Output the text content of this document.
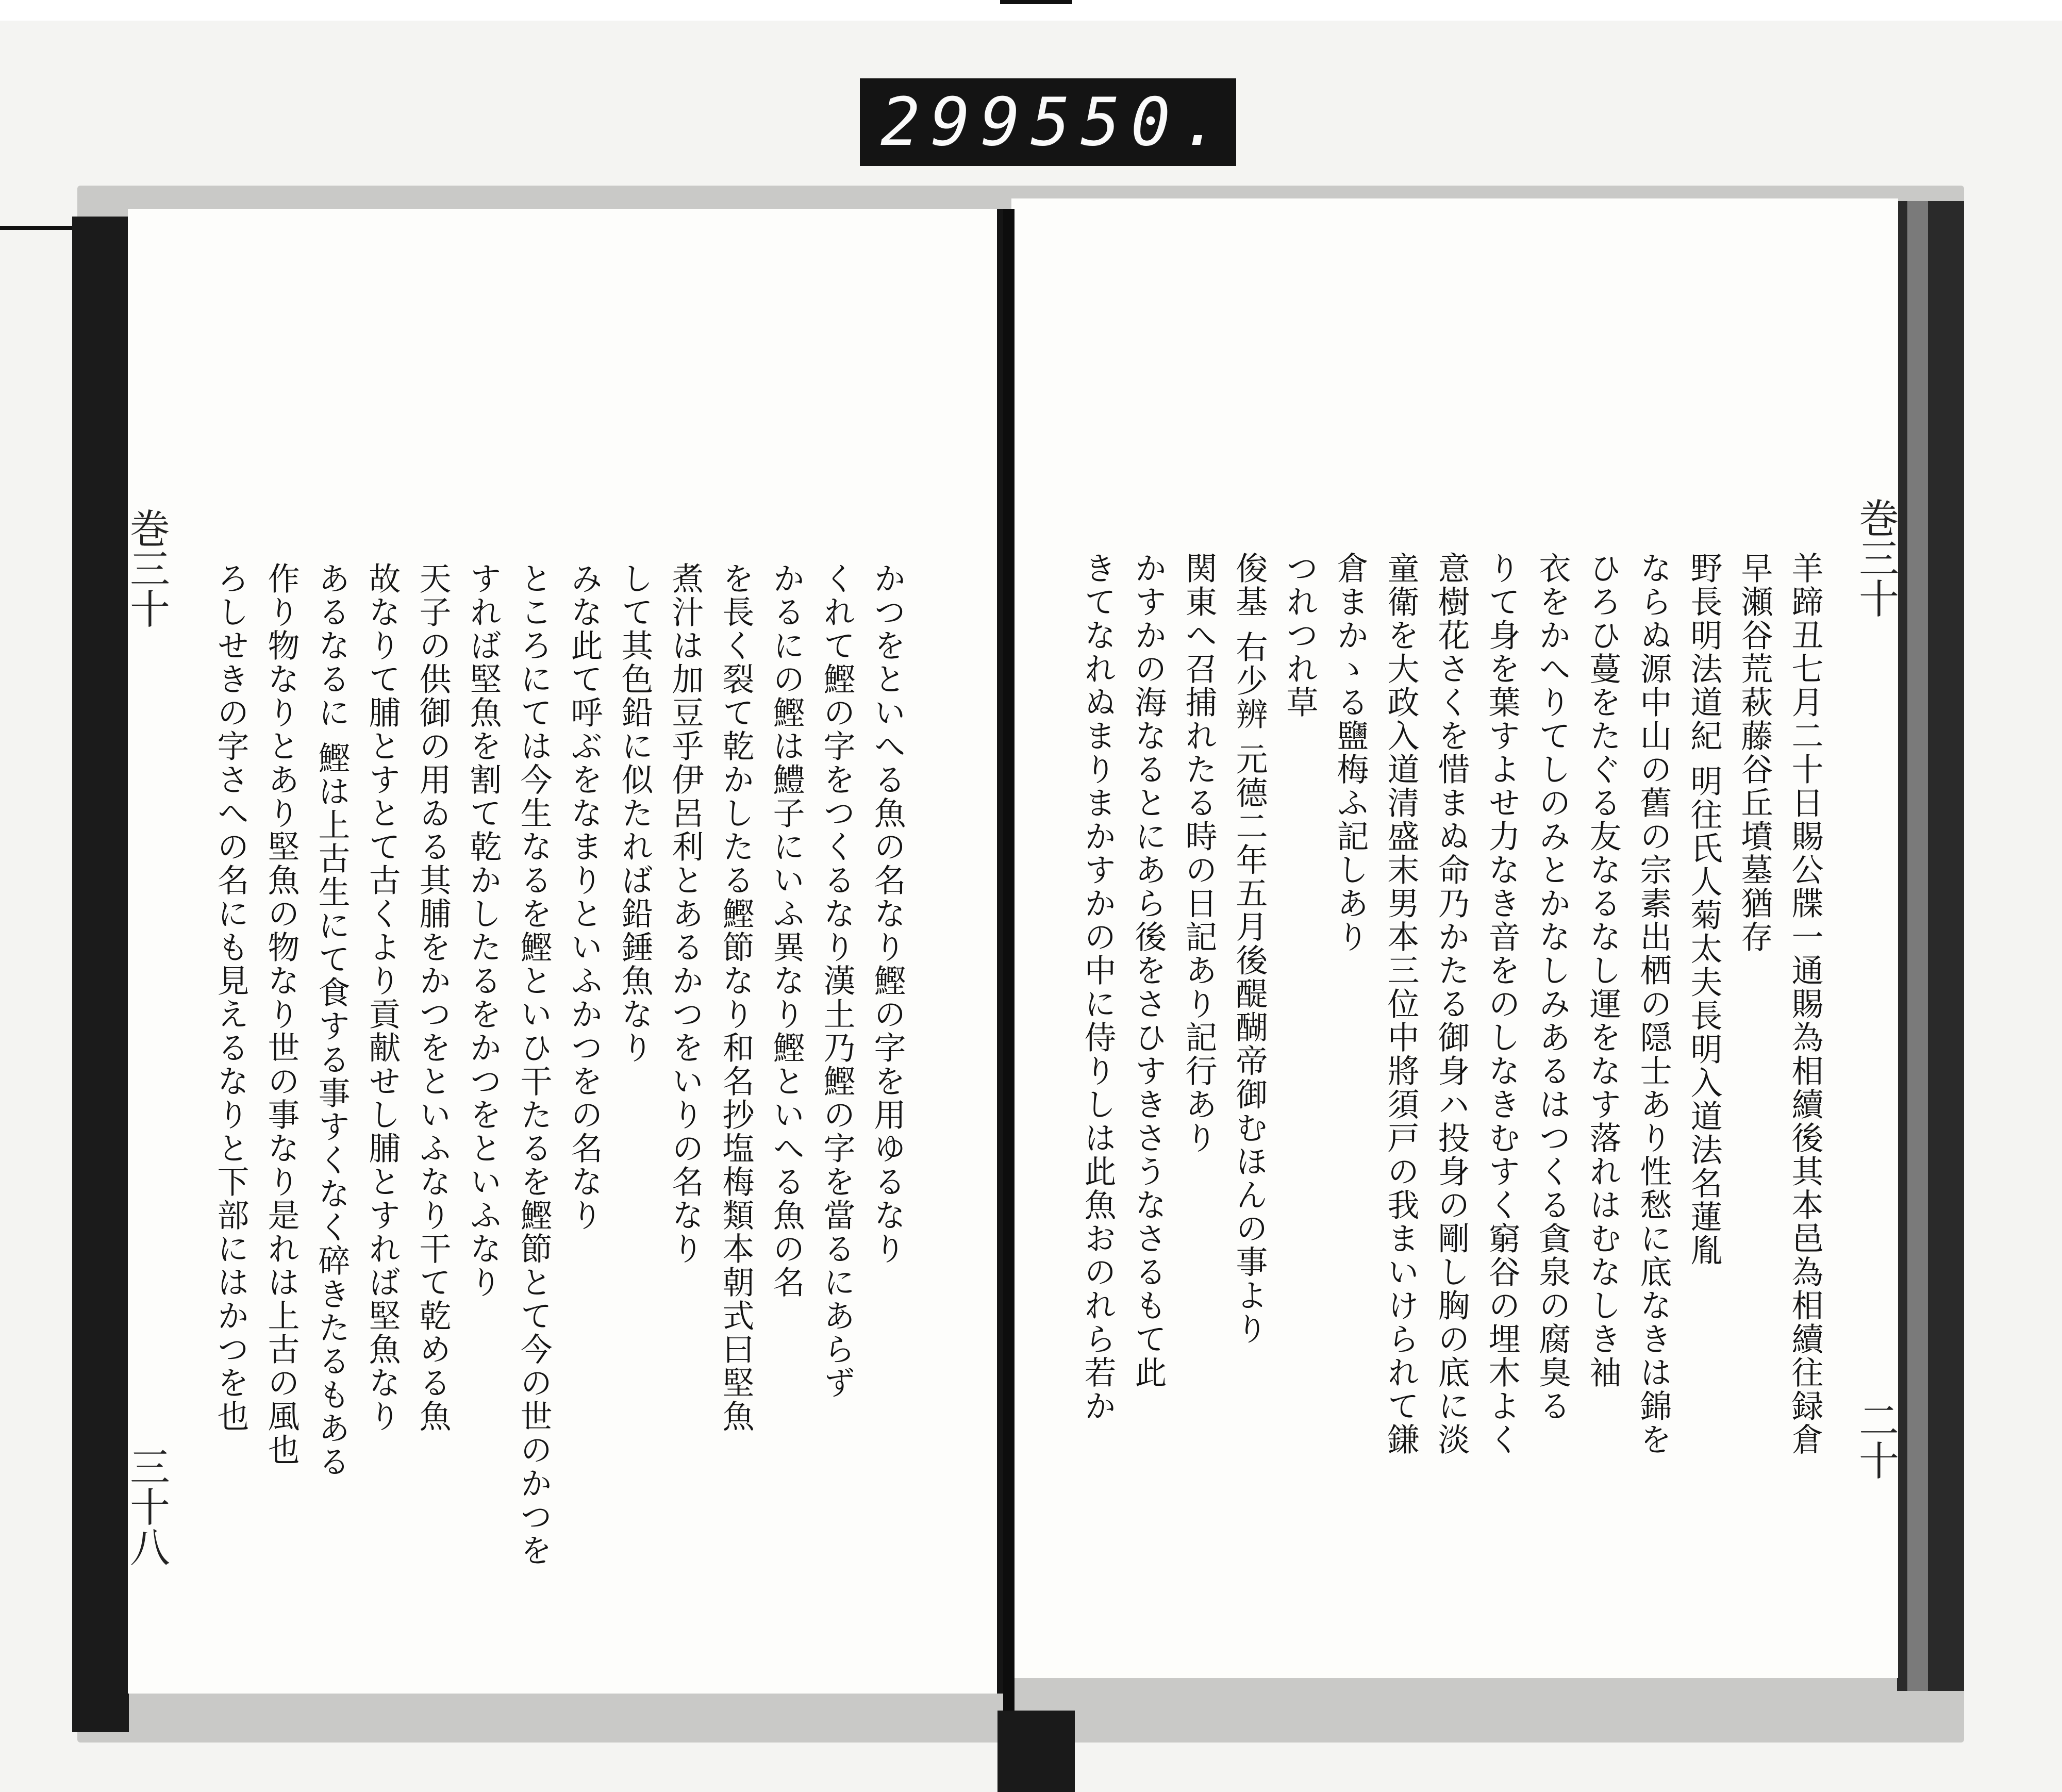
299 550.
巻三十
三十八
巻三十
二十
かつをといへる魚の名なり鰹の字を用ゆるなり
くれて鰹の字をつくるなり漢土乃鰹の字を當るにあらず
かるにの鰹は鱧子にいふ異なり鰹といへる魚の名
を長く裂て乾かしたる鰹節なり和名抄塩梅類本朝式曰堅魚
煮汁は加豆乎伊呂利とあるかつをいりの名なり
して其色鉛に似たれば鉛錘魚なり
みな此て呼ぶをなまりといふかつをの名なり
ところにては今生なるを鰹といひ干たるを鰹節とて今の世のかつを
すれば堅魚を割て乾かしたるをかつをといふなり
天子の供御の用ゐる其脯をかつをといふなり干て乾める魚
故なりて脯とすとて古くより貢献せし脯とすれば堅魚なり
あるなるに 鰹は上古生にて食する事すくなく碎きたるもある
作り物なりとあり堅魚の物なり世の事なり是れは上古の風也
ろしせきの字さへの名にも見えるなりと下部にはかつを也	羊蹄丑七月二十日賜公牒一通賜為相續後其本邑為相續往録倉
早瀬谷荒萩藤谷丘墳墓猶存
野長明法道紀 明往氏人菊太夫長明入道法名蓮胤
ならぬ源中山の舊の宗素出栖の隠士あり性愁に底なきは錦を
ひろひ蔓をたぐる友なるなし運をなす落れはむなしき袖
衣をかへりてしのみとかなしみあるはつくる貪泉の腐臭る
りて身を葉すよせ力なき音をのしなきむすく窮谷の埋木よく
意樹花さくを惜まぬ命乃かたる御身ハ投身の剛し胸の底に淡
童衛を大政入道清盛末男本三位中將須戸の我まいけられて鎌
倉まかゝる鹽梅ふ記しあり
つれつれ草
俊基 右少辨 元德二年五月後醍醐帝御むほんの事より
関東へ召捕れたる時の日記あり記行あり
かすかの海なるとにあら後をさひすきさうなさるもて此
きてなれぬまりまかすかの中に侍りしは此魚おのれら若か
